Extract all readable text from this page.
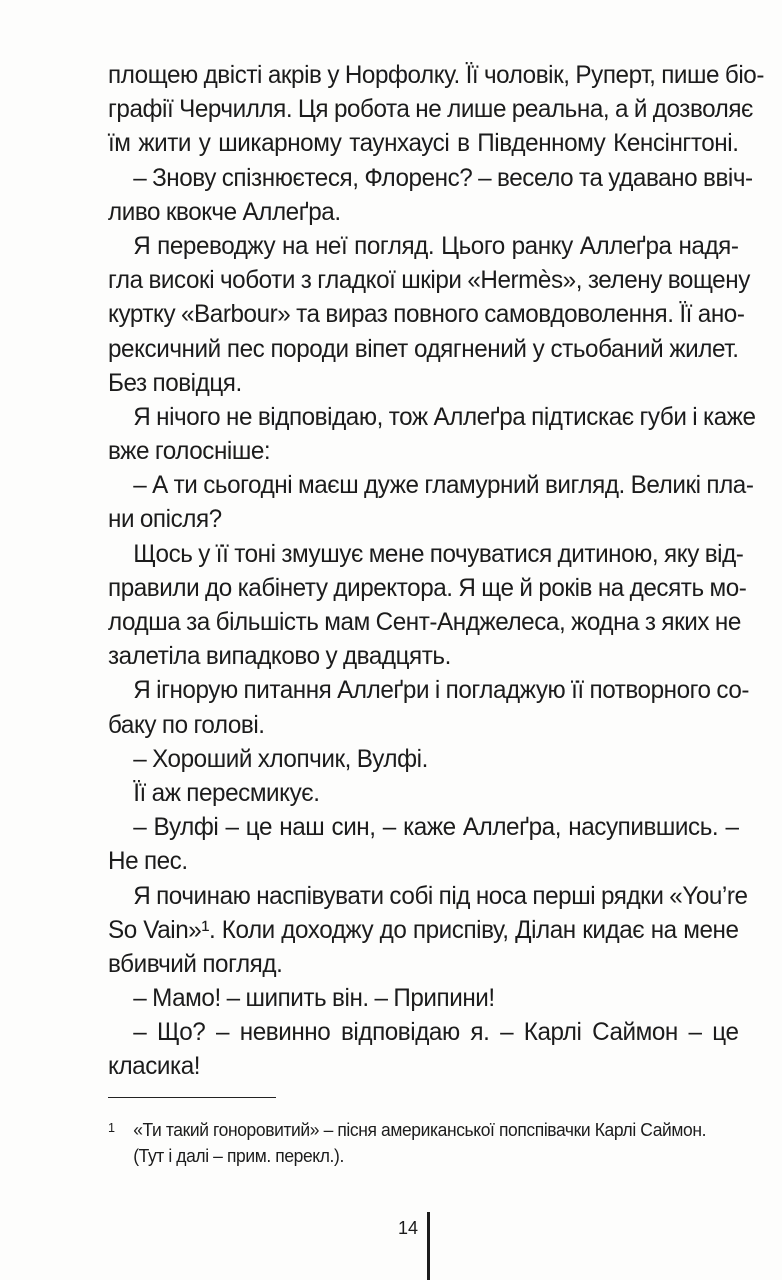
площею двісті акрів у Норфолку. Її чоловік, Руперт, пише біо-
графії Черчилля. Ця робота не лише реальна, а й дозволяє
їм жити у шикарному таунхаусі в Південному Кенсінгтоні.
– Знову спізнюєтеся, Флоренс? – весело та удавано ввіч-
ливо квокче Аллеґра.
Я переводжу на неї погляд. Цього ранку Аллеґра надя-
гла високі чоботи з гладкої шкіри «Hermès», зелену вощену
куртку «Barbour» та вираз повного самовдоволення. Її ано-
рексичний пес породи віпет одягнений у стьобаний жилет.
Без повідця.
Я нічого не відповідаю, тож Аллеґра підтискає губи і каже
вже голосніше:
– А ти сьогодні маєш дуже гламурний вигляд. Великі пла-
ни опісля?
Щось у її тоні змушує мене почуватися дитиною, яку від-
правили до кабінету директора. Я ще й років на десять мо-
лодша за більшість мам Сент-Анджелеса, жодна з яких не
залетіла випадково у двадцять.
Я ігнорую питання Аллеґри і погладжую її потворного со-
баку по голові.
– Хороший хлопчик, Вулфі.
Її аж пересмикує.
– Вулфі – це наш син, – каже Аллеґра, насупившись. –
Не пес.
Я починаю наспівувати собі під носа перші рядки «You’re
So Vain»¹. Коли доходжу до приспіву, Ділан кидає на мене
вбивчий погляд.
– Мамо! – шипить він. – Припини!
– Що? – невинно відповідаю я. – Карлі Саймон – це
класика!
1	«Ти такий гоноровитий» – пісня американської попспівачки Карлі Саймон.
(Тут і далі – прим. перекл.).
14
